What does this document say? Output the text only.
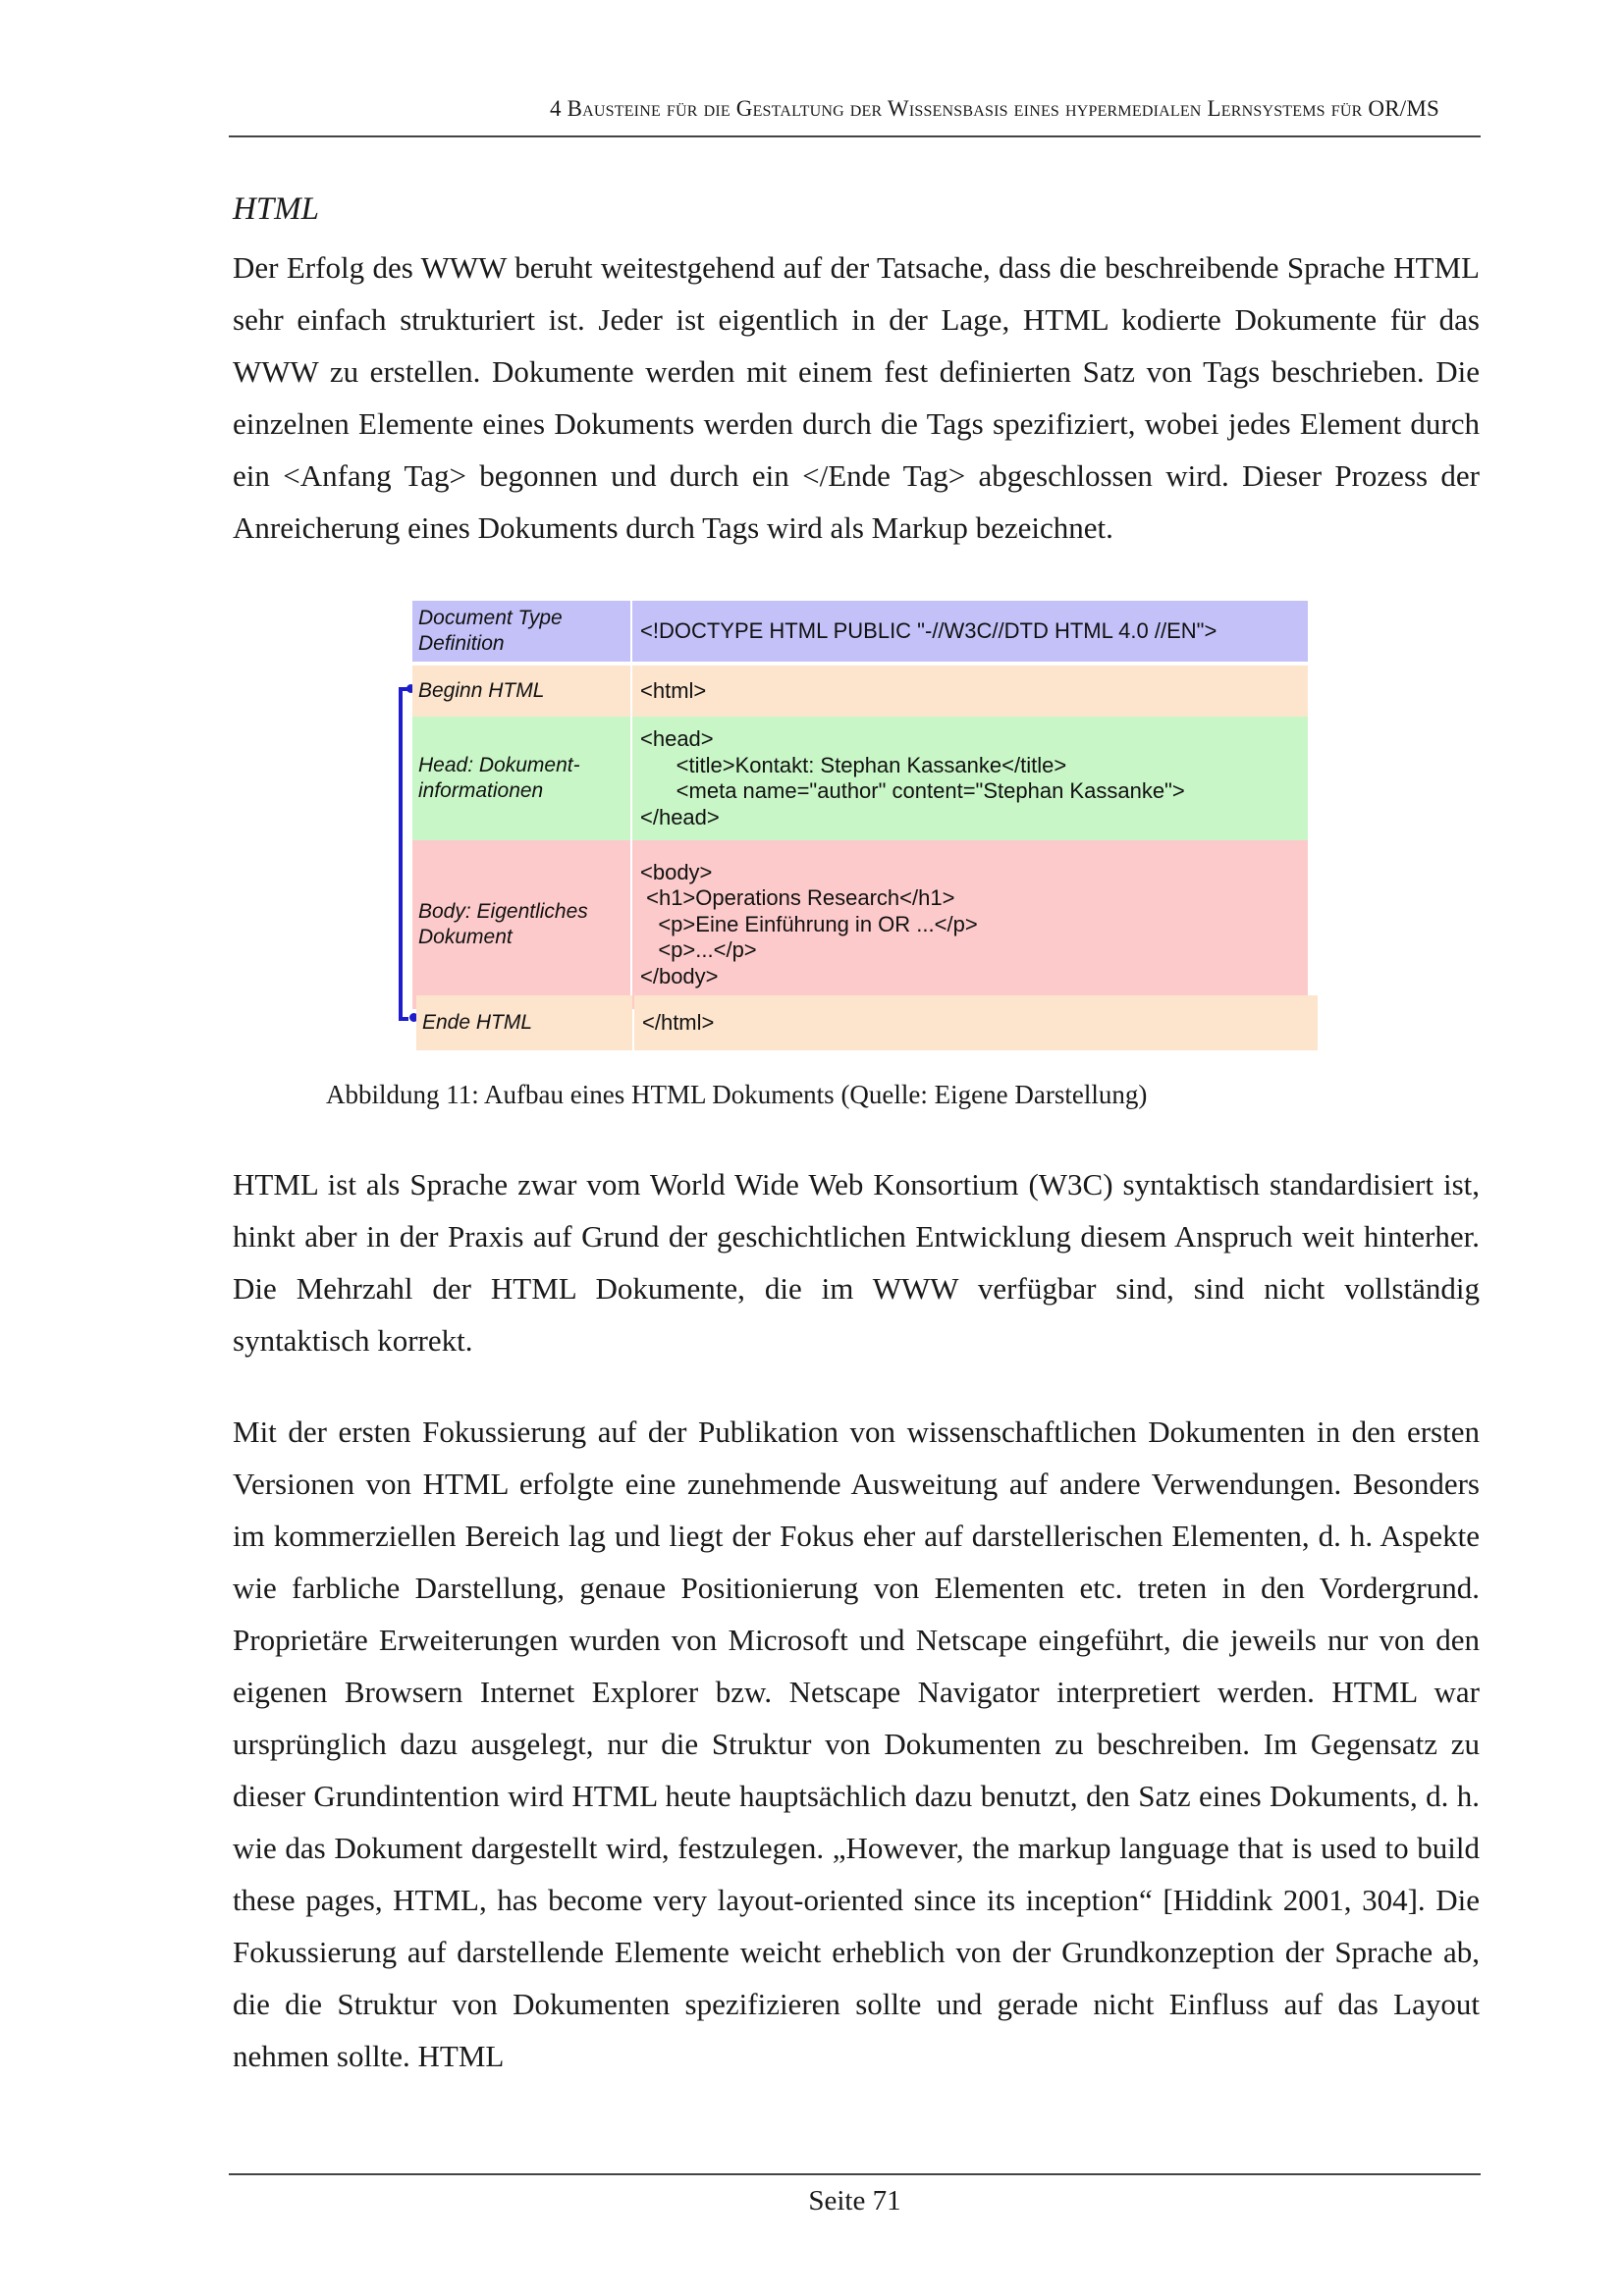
4 Bausteine für die Gestaltung der Wissensbasis eines hypermedialen Lernsystems für OR/MS
HTML

Der Erfolg des WWW beruht weitestgehend auf der Tatsache, dass die beschreibende Sprache HTML sehr einfach strukturiert ist. Jeder ist eigentlich in der Lage, HTML kodierte Dokumente für das WWW zu erstellen. Dokumente werden mit einem fest definierten Satz von Tags beschrieben. Die einzelnen Elemente eines Dokuments werden durch die Tags spezifiziert, wobei jedes Element durch ein <Anfang Tag> begonnen und durch ein </Ende Tag> abgeschlossen wird. Dieser Prozess der Anreicherung eines Dokuments durch Tags wird als Markup bezeichnet.

Document Type Definition
<!DOCTYPE HTML PUBLIC "-//W3C//DTD HTML 4.0 //EN">
Beginn HTML	<html>
Head: Dokument-informationen
<head>
<title>Kontakt: Stephan Kassanke</title>
<meta name="author" content="Stephan Kassanke">
</head>
Body: Eigentliches Dokument
<body>
<h1>Operations Research</h1>
<p>Eine Einführung in OR ...</p>
<p>...</p>
</body>
Ende HTML	</html>
Abbildung 11: Aufbau eines HTML Dokuments (Quelle: Eigene Darstellung)

HTML ist als Sprache zwar vom World Wide Web Konsortium (W3C) syntaktisch standardisiert ist, hinkt aber in der Praxis auf Grund der geschichtlichen Entwicklung diesem Anspruch weit hinterher. Die Mehrzahl der HTML Dokumente, die im WWW verfügbar sind, sind nicht vollständig syntaktisch korrekt.

Mit der ersten Fokussierung auf der Publikation von wissenschaftlichen Dokumenten in den ersten Versionen von HTML erfolgte eine zunehmende Ausweitung auf andere Verwendungen. Besonders im kommerziellen Bereich lag und liegt der Fokus eher auf darstellerischen Elementen, d. h. Aspekte wie farbliche Darstellung, genaue Positionierung von Elementen etc. treten in den Vordergrund. Proprietäre Erweiterungen wurden von Microsoft und Netscape eingeführt, die jeweils nur von den eigenen Browsern Internet Explorer bzw. Netscape Navigator interpretiert werden. HTML war ursprünglich dazu ausgelegt, nur die Struktur von Dokumenten zu beschreiben. Im Gegensatz zu dieser Grundintention wird HTML heute hauptsächlich dazu benutzt, den Satz eines Dokuments, d. h. wie das Dokument dargestellt wird, festzulegen. „However, the markup language that is used to build these pages, HTML, has become very layout-oriented since its inception“ [Hiddink 2001, 304]. Die Fokussierung auf darstellende Elemente weicht erheblich von der Grundkonzeption der Sprache ab, die die Struktur von Dokumenten spezifizieren sollte und gerade nicht Einfluss auf das Layout nehmen sollte. HTML

Seite 71
